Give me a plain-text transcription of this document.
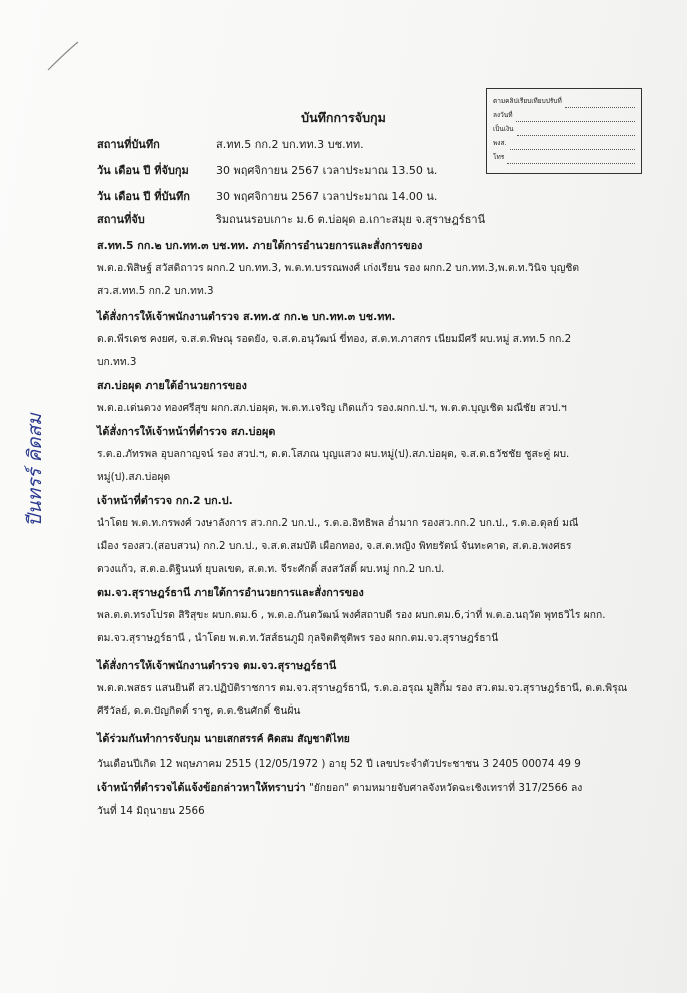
ตามคลิปเรียบเทียบปรับที่
ลงวันที่
เป็นเงิน
พงส.
โทร
บันทึกการจับกุม
สถานที่บันทึก	ส.ทท.5 กก.2 บก.ทท.3 บช.ทท.
วัน เดือน ปี ที่จับกุม 30 พฤศจิกายน 2567 เวลาประมาณ 13.50 น.
วัน เดือน ปี ที่บันทึก 30 พฤศจิกายน 2567 เวลาประมาณ 14.00 น.
สถานที่จับ	ริมถนนรอบเกาะ ม.6 ต.บ่อผุด อ.เกาะสมุย จ.สุราษฎร์ธานี
ส.ทท.5 กก.๒ บก.ทท.๓ บช.ทท. ภายใต้การอำนวยการและสั่งการของ
พ.ต.อ.พิสิษฐ์ สวัสดิถาวร ผกก.2 บก.ทท.3, พ.ต.ท.บรรณพงศ์ เก่งเรียน รอง ผกก.2 บก.ทท.3,พ.ต.ท.วินิจ บุญชิต
สว.ส.ทท.5 กก.2 บก.ทท.3
ได้สั่งการให้เจ้าพนักงานตำรวจ ส.ทท.๕ กก.๒ บก.ทท.๓ บช.ทท.
ด.ต.พีรเดช คงยศ, จ.ส.ต.พิษณุ รอดยัง, จ.ส.ต.อนุวัฒน์ ขี่ทอง, ส.ต.ท.ภาสกร เนียมมีศรี ผบ.หมู่ ส.ทท.5 กก.2
บก.ทท.3
สภ.บ่อผุด ภายใต้อำนวยการของ
พ.ต.อ.เด่นดวง ทองศรีสุข ผกก.สภ.บ่อผุด, พ.ต.ท.เจริญ เกิดแก้ว รอง.ผกก.ป.ฯ, พ.ต.ต.บุญเชิด มณีชัย สวป.ฯ
ได้สั่งการให้เจ้าหน้าที่ตำรวจ สภ.บ่อผุด
ร.ต.อ.ภัทรพล อุบลกาญจน์ รอง สวป.ฯ, ด.ต.โสภณ บุญแสวง ผบ.หมู่(ป).สภ.บ่อผุด, จ.ส.ต.ธวัชชัย ชูสะคู่ ผบ.
หมู่(ป).สภ.บ่อผุด
เจ้าหน้าที่ตำรวจ กก.2 บก.ป.
นำโดย พ.ต.ท.กรพงศ์ วงษาลังการ สว.กก.2 บก.ป., ร.ต.อ.อิทธิพล อ่ำมาก รองสว.กก.2 บก.ป., ร.ต.อ.ดุลย์ มณี
เมือง รองสว.(สอบสวน) กก.2 บก.ป., จ.ส.ต.สมบัติ เผือกทอง, จ.ส.ต.หญิง พิทยรัตน์ จันทะคาด, ส.ต.อ.พงศธร
ดวงแก้ว, ส.ต.อ.ดิฐินนท์ ยุบลเขต, ส.ต.ท. จีระศักดิ์ สงสวัสดิ์ ผบ.หมู่ กก.2 บก.ป.
ตม.จว.สุราษฎร์ธานี ภายใต้การอำนวยการและสั่งการของ
พล.ต.ต.ทรงโปรด สิริสุขะ ผบก.ตม.6 , พ.ต.อ.กันตวัฒน์ พงศ์สถาบดี รอง ผบก.ตม.6,ว่าที่ พ.ต.อ.นฤวัต พุทธวิไร ผกก.
ตม.จว.สุราษฎร์ธานี , นำโดย พ.ต.ท.วัสส์ธนภูมิ กุลจิตติชุติพร รอง ผกก.ตม.จว.สุราษฎร์ธานี
ได้สั่งการให้เจ้าพนักงานตำรวจ ตม.จว.สุราษฎร์ธานี
พ.ต.ต.พสธร แสนยินดี สว.ปฏิบัติราชการ ตม.จว.สุราษฎร์ธานี, ร.ต.อ.อรุณ มูสิกิ้ม รอง สว.ตม.จว.สุราษฎร์ธานี, ด.ต.พิรุณ
ศีรีวัลย์, ด.ต.ปัญกิตติ์ ราชู, ด.ต.ชินศักดิ์ ชินฝั่น
ได้ร่วมกันทำการจับกุม นายเสกสรรค์ คิดสม สัญชาติไทย
วันเดือนปีเกิด 12 พฤษภาคม 2515 (12/05/1972 ) อายุ 52 ปี เลขประจำตัวประชาชน 3 2405 00074 49 9
เจ้าหน้าที่ตำรวจได้แจ้งข้อกล่าวหาให้ทราบว่า "ยักยอก" ตามหมายจับศาลจังหวัดฉะเชิงเทราที่ 317/2566 ลง
วันที่ 14 มิถุนายน 2566
ปีนทรร์ คิดสม
